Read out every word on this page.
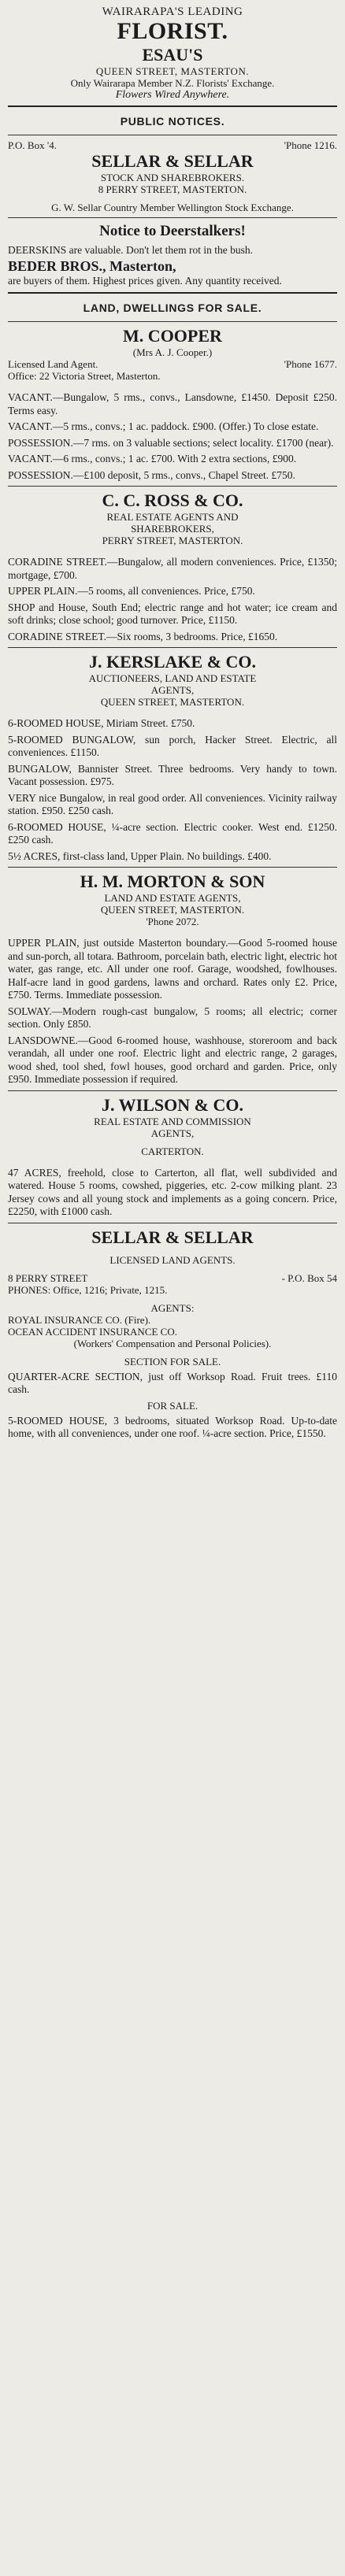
WAIRARAPA'S LEADING
FLORIST.
ESAU'S
QUEEN STREET, MASTERTON.
Only Wairarapa Member N.Z. Florists' Exchange.
Flowers Wired Anywhere.
PUBLIC NOTICES.
P.O. Box '4.	'Phone 1216.
SELLAR & SELLAR
STOCK AND SHAREBROKERS.
8 PERRY STREET, MASTERTON.
G. W. Sellar Country Member Wellington Stock Exchange.
Notice to Deerstalkers!
DEERSKINS are valuable. Don't let them rot in the bush.
BEDER BROS., Masterton,
are buyers of them. Highest prices given. Any quantity received.
LAND, DWELLINGS FOR SALE.
M. COOPER
(Mrs A. J. Cooper.)
Licensed Land Agent.	'Phone 1677.
Office: 22 Victoria Street, Masterton.
VACANT.—Bungalow, 5 rms., convs., Lansdowne, £1450. Deposit £250. Terms easy.
VACANT.—5 rms., convs.; 1 ac. paddock. £900. (Offer.) To close estate.
POSSESSION.—7 rms. on 3 valuable sections; select locality. £1700 (near).
VACANT.—6 rms., convs.; 1 ac. £700. With 2 extra sections, £900.
POSSESSION.—£100 deposit, 5 rms., convs., Chapel Street. £750.
C. C. ROSS & CO.
REAL ESTATE AGENTS AND
SHAREBROKERS,
PERRY STREET, MASTERTON.
CORADINE STREET.—Bungalow, all modern conveniences. Price, £1350; mortgage, £700.
UPPER PLAIN.—5 rooms, all conveniences. Price, £750.
SHOP and House, South End; electric range and hot water; ice cream and soft drinks; close school; good turnover. Price, £1150.
CORADINE STREET.—Six rooms, 3 bedrooms. Price, £1650.
J. KERSLAKE & CO.
AUCTIONEERS, LAND AND ESTATE
AGENTS,
QUEEN STREET, MASTERTON.
6-ROOMED HOUSE, Miriam Street. £750.
5-ROOMED BUNGALOW, sun porch, Hacker Street. Electric, all conveniences. £1150.
BUNGALOW, Bannister Street. Three bedrooms. Very handy to town. Vacant possession. £975.
VERY nice Bungalow, in real good order. All conveniences. Vicinity railway station. £950. £250 cash.
6-ROOMED HOUSE, ¼-acre section. Electric cooker. West end. £1250. £250 cash.
5½ ACRES, first-class land, Upper Plain. No buildings. £400.
H. M. MORTON & SON
LAND AND ESTATE AGENTS,
QUEEN STREET, MASTERTON.
'Phone 2072.
UPPER PLAIN, just outside Masterton boundary.—Good 5-roomed house and sun-porch, all totara. Bathroom, porcelain bath, electric light, electric hot water, gas range, etc. All under one roof. Garage, woodshed, fowlhouses. Half-acre land in good gardens, lawns and orchard. Rates only £2. Price, £750. Terms. Immediate possession.
SOLWAY.—Modern rough-cast bungalow, 5 rooms; all electric; corner section. Only £850.
LANSDOWNE.—Good 6-roomed house, washhouse, storeroom and back verandah, all under one roof. Electric light and electric range, 2 garages, wood shed, tool shed, fowl houses, good orchard and garden. Price, only £950. Immediate possession if required.
J. WILSON & CO.
REAL ESTATE AND COMMISSION
AGENTS,
CARTERTON.
47 ACRES, freehold, close to Carterton, all flat, well subdivided and watered. House 5 rooms, cowshed, piggeries, etc. 2-cow milking plant. 23 Jersey cows and all young stock and implements as a going concern. Price, £2250, with £1000 cash.
SELLAR & SELLAR
LICENSED LAND AGENTS.
8 PERRY STREET	- P.O. Box 54
PHONES: Office, 1216; Private, 1215.
AGENTS:
ROYAL INSURANCE CO. (Fire).
OCEAN ACCIDENT INSURANCE CO.
(Workers' Compensation and Personal Policies).
SECTION FOR SALE.
QUARTER-ACRE SECTION, just off Worksop Road. Fruit trees. £110 cash.
FOR SALE.
5-ROOMED HOUSE, 3 bedrooms, situated Worksop Road. Up-to-date home, with all conveniences, under one roof. ¼-acre section. Price, £1550.
